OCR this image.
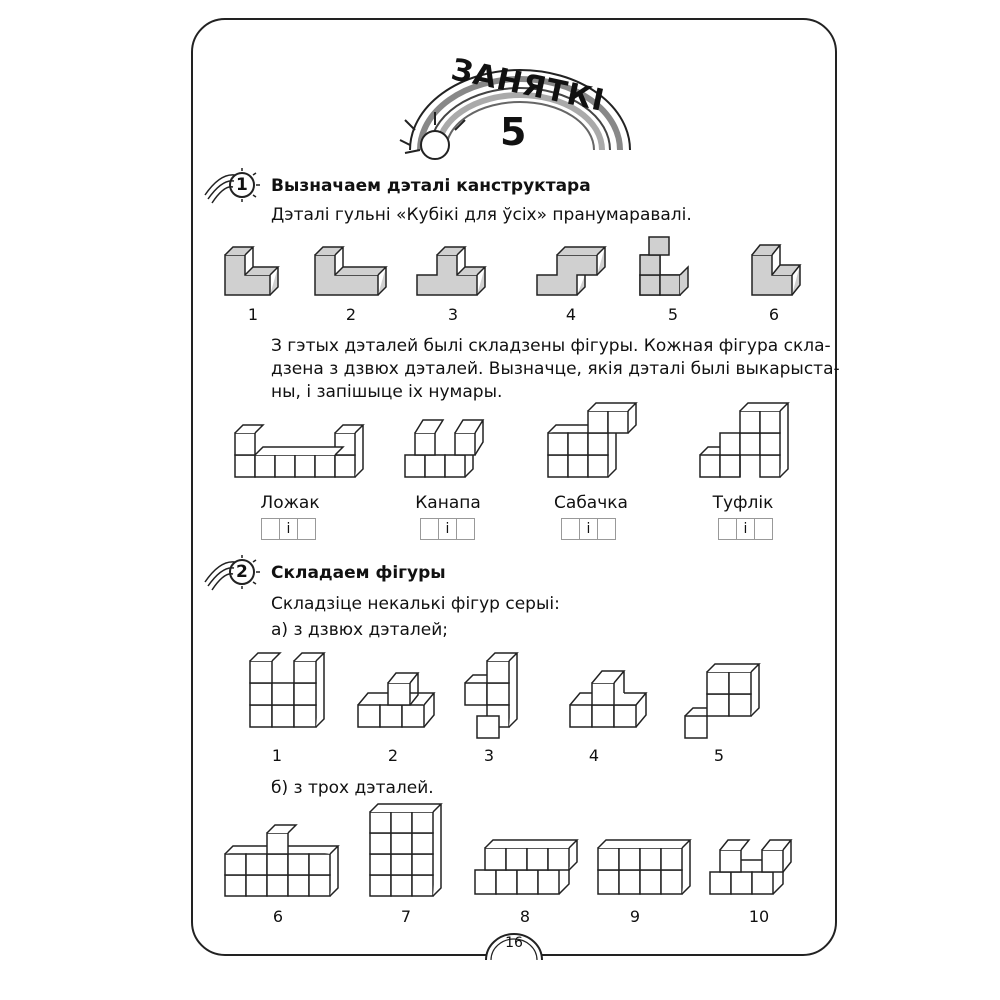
ЗАНЯТКІ
5
1 Вызначаем дэталі канструктара
Дэталі гульні «Кубікі для ўсіх» пранумаравалі.
1	2	3	4	5	6
З гэтых дэталей былі складзены фігуры. Кожная фігура скла-
дзена з дзвюх дэталей. Вызначце, якія дэталі былі выкарыста-
ны, і запішыце іх нумары.
Ложак	Канапа	Сабачка	Туфлік
і	і	і	і
2 Складаем фігуры
Складзіце некалькі фігур серыі:
а) з дзвюх дэталей;
1	2	3	4	5
б) з трох дэталей.
6	7	8	9	10
16
